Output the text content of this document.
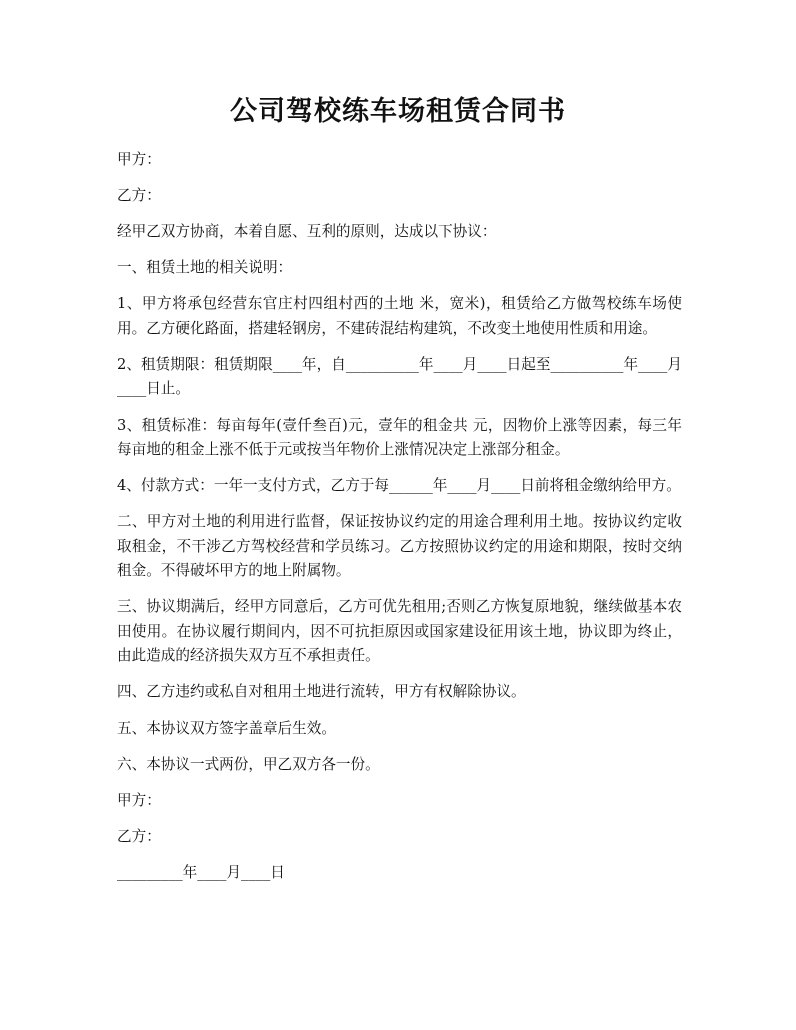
公司驾校练车场租赁合同书

甲方：

乙方：

经甲乙双方协商，本着自愿、互利的原则，达成以下协议：

一、租赁土地的相关说明：

1、甲方将承包经营东官庄村四组村西的土地 米，宽米)，租赁给乙方做驾校练车场使用。乙方硬化路面，搭建轻钢房，不建砖混结构建筑，不改变土地使用性质和用途。

2、租赁期限：租赁期限____年，自__________年____月____日起至__________年____月____日止。

3、租赁标准：每亩每年(壹仟叁百)元，壹年的租金共 元，因物价上涨等因素，每三年每亩地的租金上涨不低于元或按当年物价上涨情况决定上涨部分租金。

4、付款方式：一年一支付方式，乙方于每______年____月____日前将租金缴纳给甲方。

二、甲方对土地的利用进行监督，保证按协议约定的用途合理利用土地。按协议约定收取租金，不干涉乙方驾校经营和学员练习。乙方按照协议约定的用途和期限，按时交纳租金。不得破坏甲方的地上附属物。

三、协议期满后，经甲方同意后，乙方可优先租用;否则乙方恢复原地貌，继续做基本农田使用。在协议履行期间内，因不可抗拒原因或国家建设征用该土地，协议即为终止，由此造成的经济损失双方互不承担责任。

四、乙方违约或私自对租用土地进行流转，甲方有权解除协议。

五、本协议双方签字盖章后生效。

六、本协议一式两份，甲乙双方各一份。

甲方：

乙方：

_________年____月____日
